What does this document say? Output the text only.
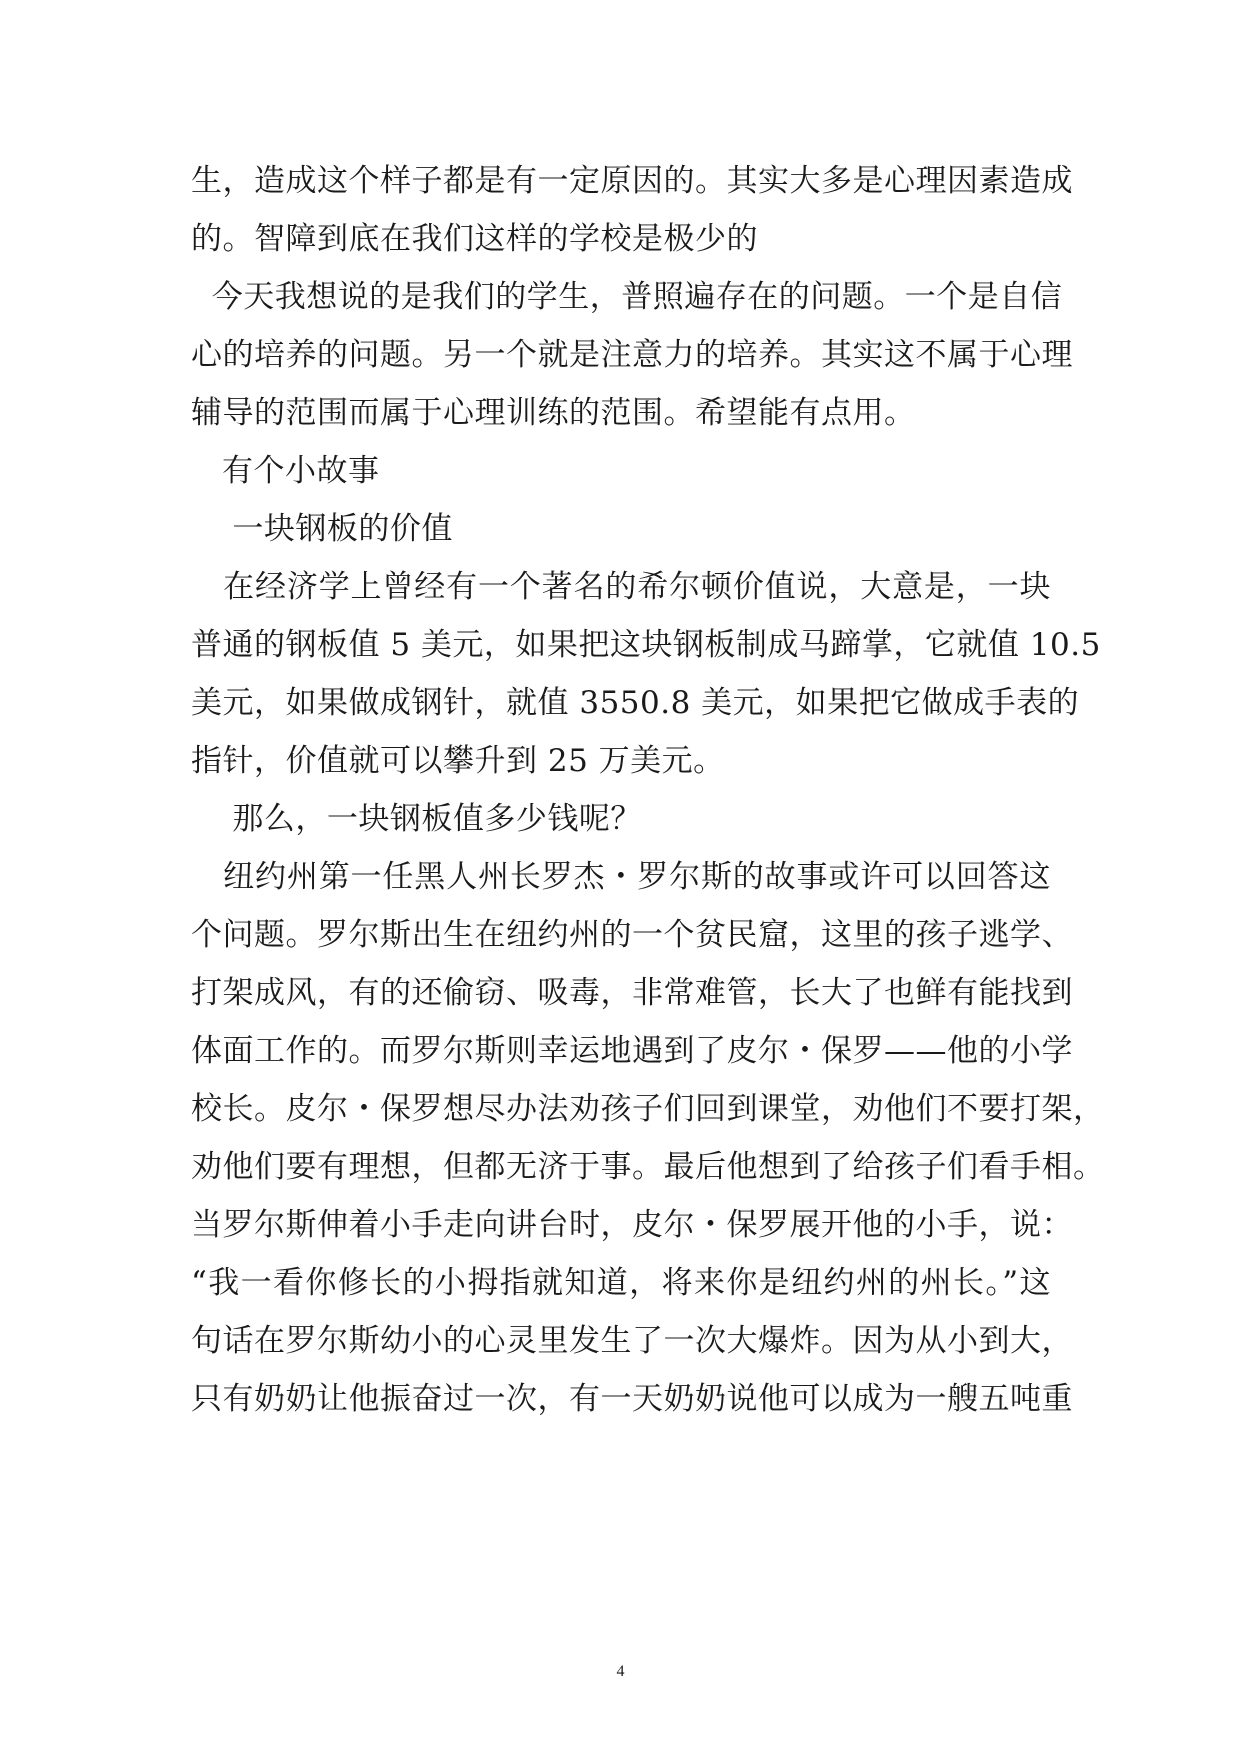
生，造成这个样子都是有一定原因的。其实大多是心理因素造成
的。智障到底在我们这样的学校是极少的
今天我想说的是我们的学生，普照遍存在的问题。一个是自信
心的培养的问题。另一个就是注意力的培养。其实这不属于心理
辅导的范围而属于心理训练的范围。希望能有点用。
有个小故事
一块钢板的价值
在经济学上曾经有一个著名的希尔顿价值说，大意是，一块
普通的钢板值 5 美元，如果把这块钢板制成马蹄掌，它就值 10.5
美元，如果做成钢针，就值 3550.8 美元，如果把它做成手表的
指针，价值就可以攀升到 25 万美元。
那么，一块钢板值多少钱呢？
纽约州第一任黑人州长罗杰・罗尔斯的故事或许可以回答这
个问题。罗尔斯出生在纽约州的一个贫民窟，这里的孩子逃学、
打架成风，有的还偷窃、吸毒，非常难管，长大了也鲜有能找到
体面工作的。而罗尔斯则幸运地遇到了皮尔・保罗——他的小学
校长。皮尔・保罗想尽办法劝孩子们回到课堂，劝他们不要打架，
劝他们要有理想，但都无济于事。最后他想到了给孩子们看手相。
当罗尔斯伸着小手走向讲台时，皮尔・保罗展开他的小手，说：
“我一看你修长的小拇指就知道，将来你是纽约州的州长。”这
句话在罗尔斯幼小的心灵里发生了一次大爆炸。因为从小到大，
只有奶奶让他振奋过一次，有一天奶奶说他可以成为一艘五吨重
4
